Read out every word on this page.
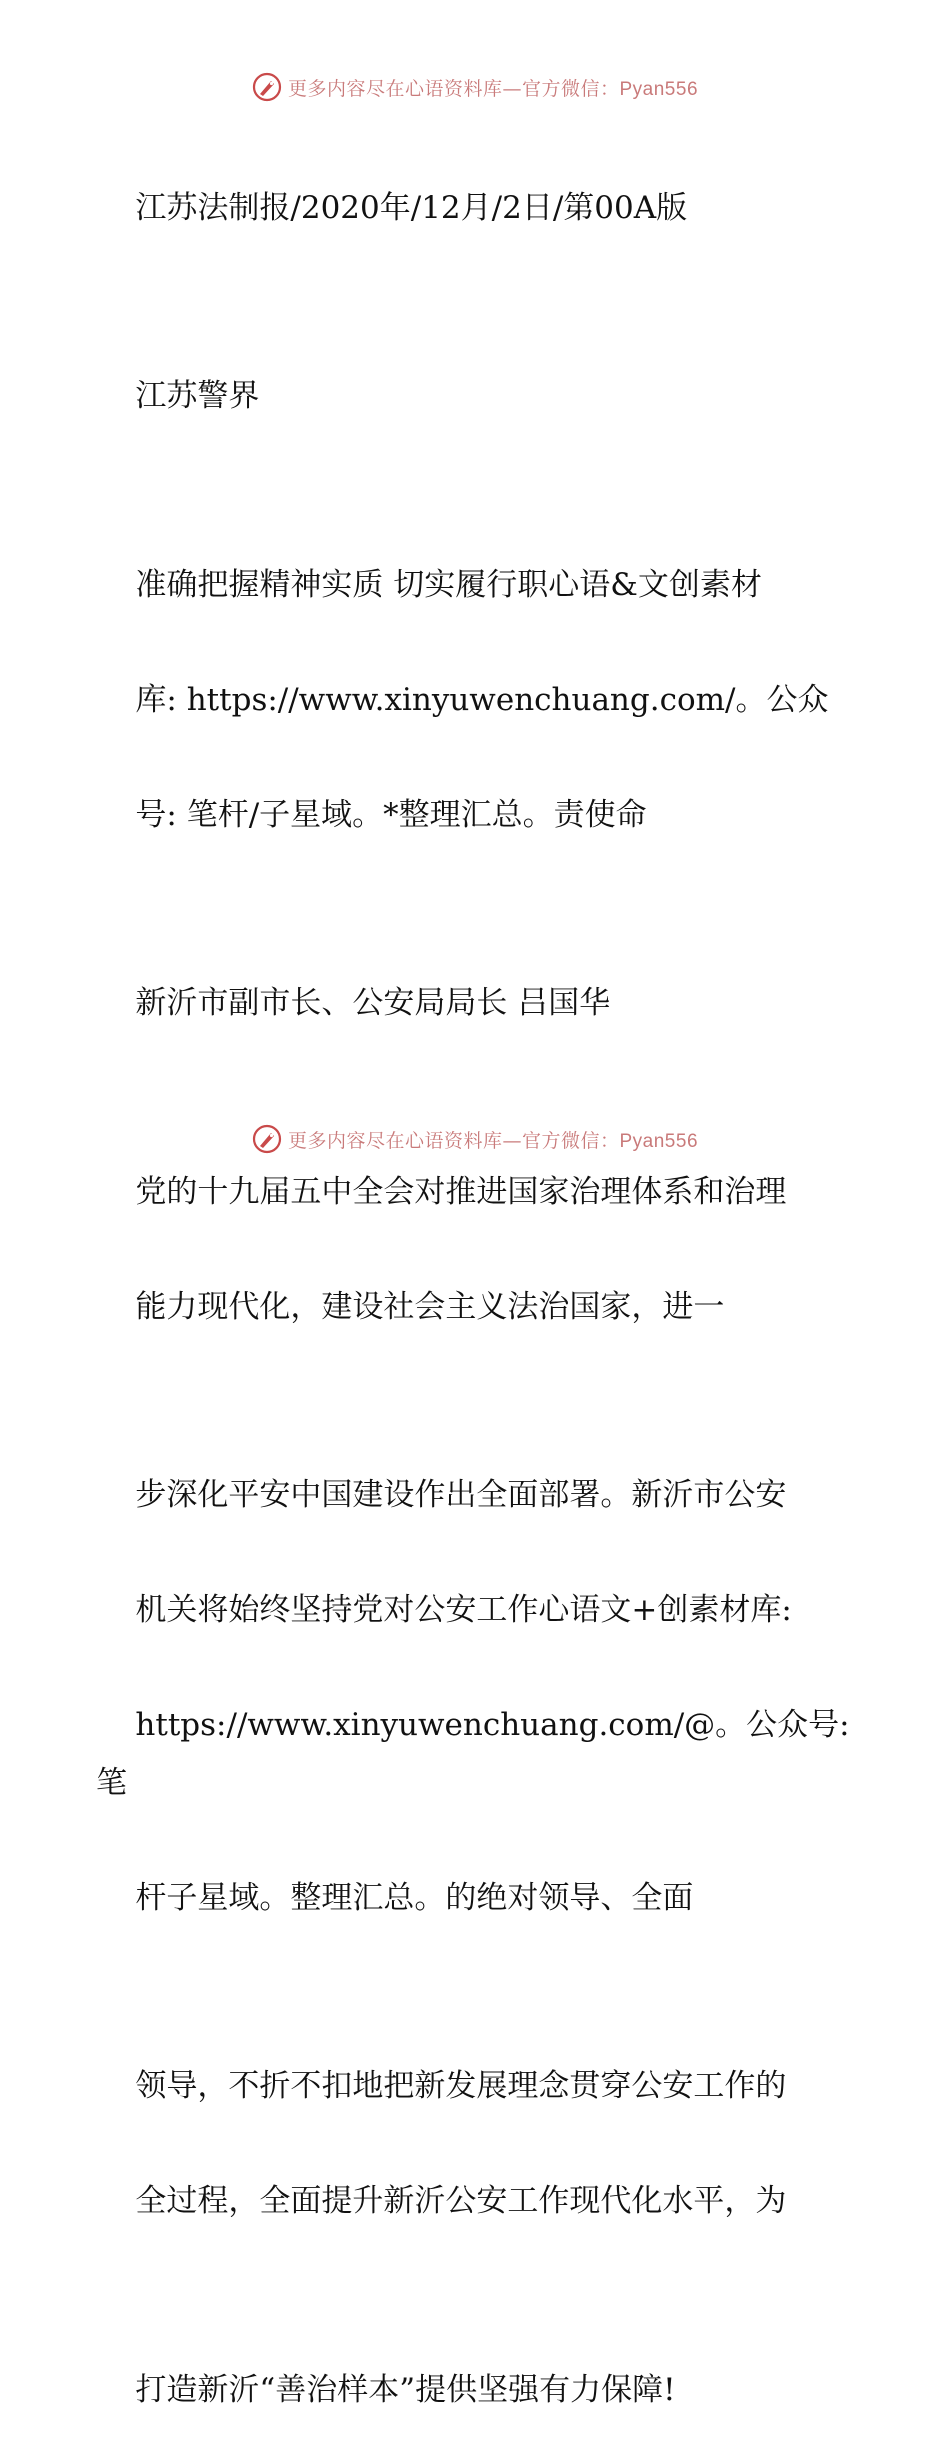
更多内容尽在心语资料库—官方微信：Pyan556

江苏法制报/2020年/12月/2日/第00A版

江苏警界

准确把握精神实质 切实履行职心语&文创素材

库: https://www.xinyuwenchuang.com/。公众

号: 笔杆/子星域。*整理汇总。责使命

新沂市副市长、公安局局长 吕国华

党的十九届五中全会对推进国家治理体系和治理

能力现代化，建设社会主义法治国家，进一

步深化平安中国建设作出全面部署。新沂市公安

机关将始终坚持党对公安工作心语文+创素材库:

https://www.xinyuwenchuang.com/@。公众号: 笔

杆子星域。整理汇总。的绝对领导、全面

领导，不折不扣地把新发展理念贯穿公安工作的

全过程，全面提升新沂公安工作现代化水平，为

打造新沂“善治样本”提供坚强有力保障!

更多内容尽在心语资料库—官方微信：Pyan556
